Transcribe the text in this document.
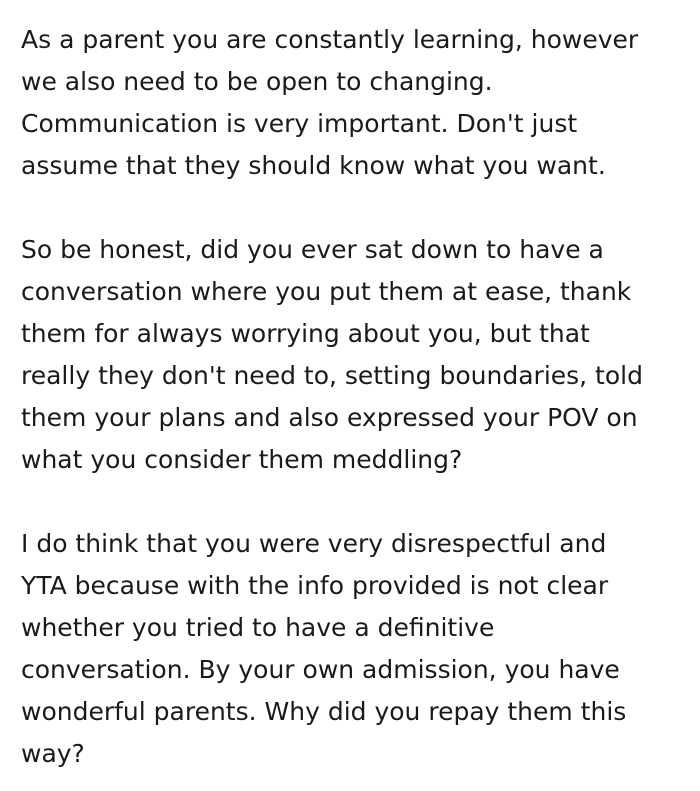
As a parent you are constantly learning, however
we also need to be open to changing.
Communication is very important. Don't just
assume that they should know what you want.

So be honest, did you ever sat down to have a
conversation where you put them at ease, thank
them for always worrying about you, but that
really they don't need to, setting boundaries, told
them your plans and also expressed your POV on
what you consider them meddling?

I do think that you were very disrespectful and
YTA because with the info provided is not clear
whether you tried to have a definitive
conversation. By your own admission, you have
wonderful parents. Why did you repay them this
way?
